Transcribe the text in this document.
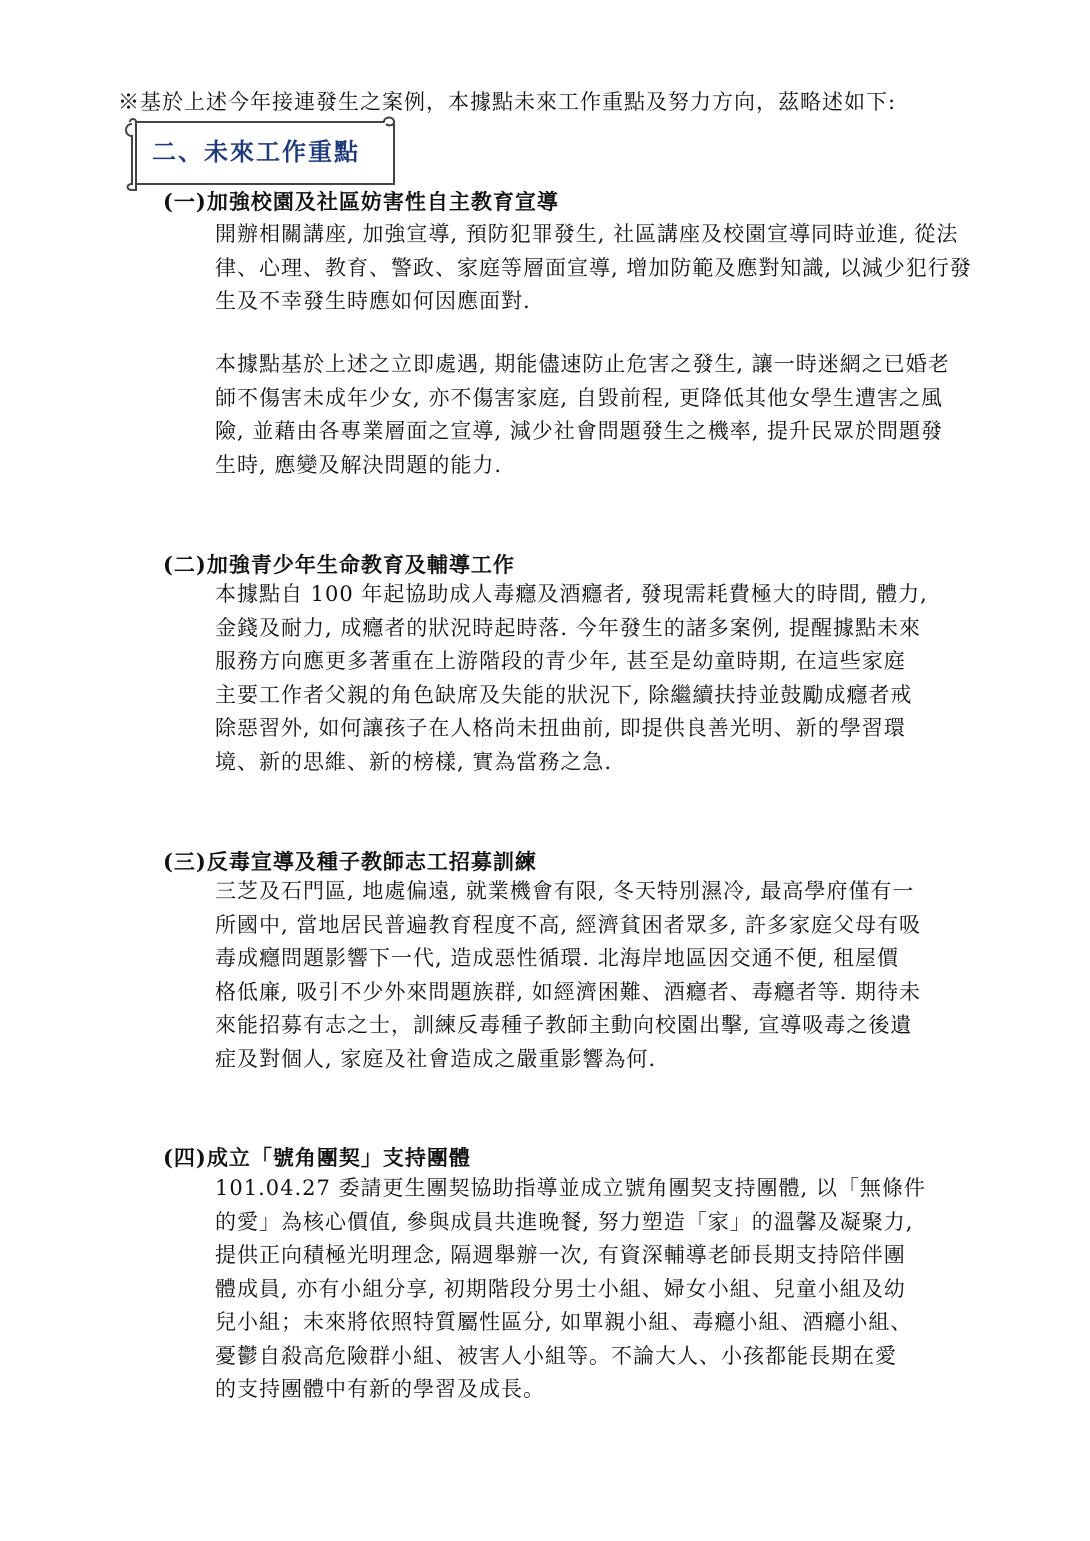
※基於上述今年接連發生之案例，本據點未來工作重點及努力方向，茲略述如下:
二、未來工作重點
(一)加強校園及社區妨害性自主教育宣導
開辦相關講座, 加強宣導, 預防犯罪發生, 社區講座及校園宣導同時並進, 從法
律、心理、教育、警政、家庭等層面宣導, 增加防範及應對知識, 以減少犯行發
生及不幸發生時應如何因應面對.
本據點基於上述之立即處遇, 期能儘速防止危害之發生, 讓一時迷網之已婚老
師不傷害未成年少女, 亦不傷害家庭, 自毀前程, 更降低其他女學生遭害之風
險, 並藉由各專業層面之宣導, 減少社會問題發生之機率, 提升民眾於問題發
生時, 應變及解決問題的能力.
(二)加強青少年生命教育及輔導工作
本據點自 100 年起協助成人毒癮及酒癮者, 發現需耗費極大的時間, 體力,
金錢及耐力, 成癮者的狀況時起時落. 今年發生的諸多案例, 提醒據點未來
服務方向應更多著重在上游階段的青少年, 甚至是幼童時期, 在這些家庭
主要工作者父親的角色缺席及失能的狀況下, 除繼續扶持並鼓勵成癮者戒
除惡習外, 如何讓孩子在人格尚未扭曲前, 即提供良善光明、新的學習環
境、新的思維、新的榜樣, 實為當務之急.
(三)反毒宣導及種子教師志工招募訓練
三芝及石門區, 地處偏遠, 就業機會有限, 冬天特別濕冷, 最高學府僅有一
所國中, 當地居民普遍教育程度不高, 經濟貧困者眾多, 許多家庭父母有吸
毒成癮問題影響下一代, 造成惡性循環. 北海岸地區因交通不便, 租屋價
格低廉, 吸引不少外來問題族群, 如經濟困難、酒癮者、毒癮者等. 期待未
來能招募有志之士，訓練反毒種子教師主動向校園出擊, 宣導吸毒之後遺
症及對個人, 家庭及社會造成之嚴重影響為何.
(四)成立「號角團契」支持團體
101.04.27 委請更生團契協助指導並成立號角團契支持團體, 以「無條件
的愛」為核心價值, 參與成員共進晚餐, 努力塑造「家」的溫馨及凝聚力,
提供正向積極光明理念, 隔週舉辦一次, 有資深輔導老師長期支持陪伴團
體成員, 亦有小組分享, 初期階段分男士小組、婦女小組、兒童小組及幼
兒小組；未來將依照特質屬性區分, 如單親小組、毒癮小組、酒癮小組、
憂鬱自殺高危險群小組、被害人小組等。不論大人、小孩都能長期在愛
的支持團體中有新的學習及成長。
